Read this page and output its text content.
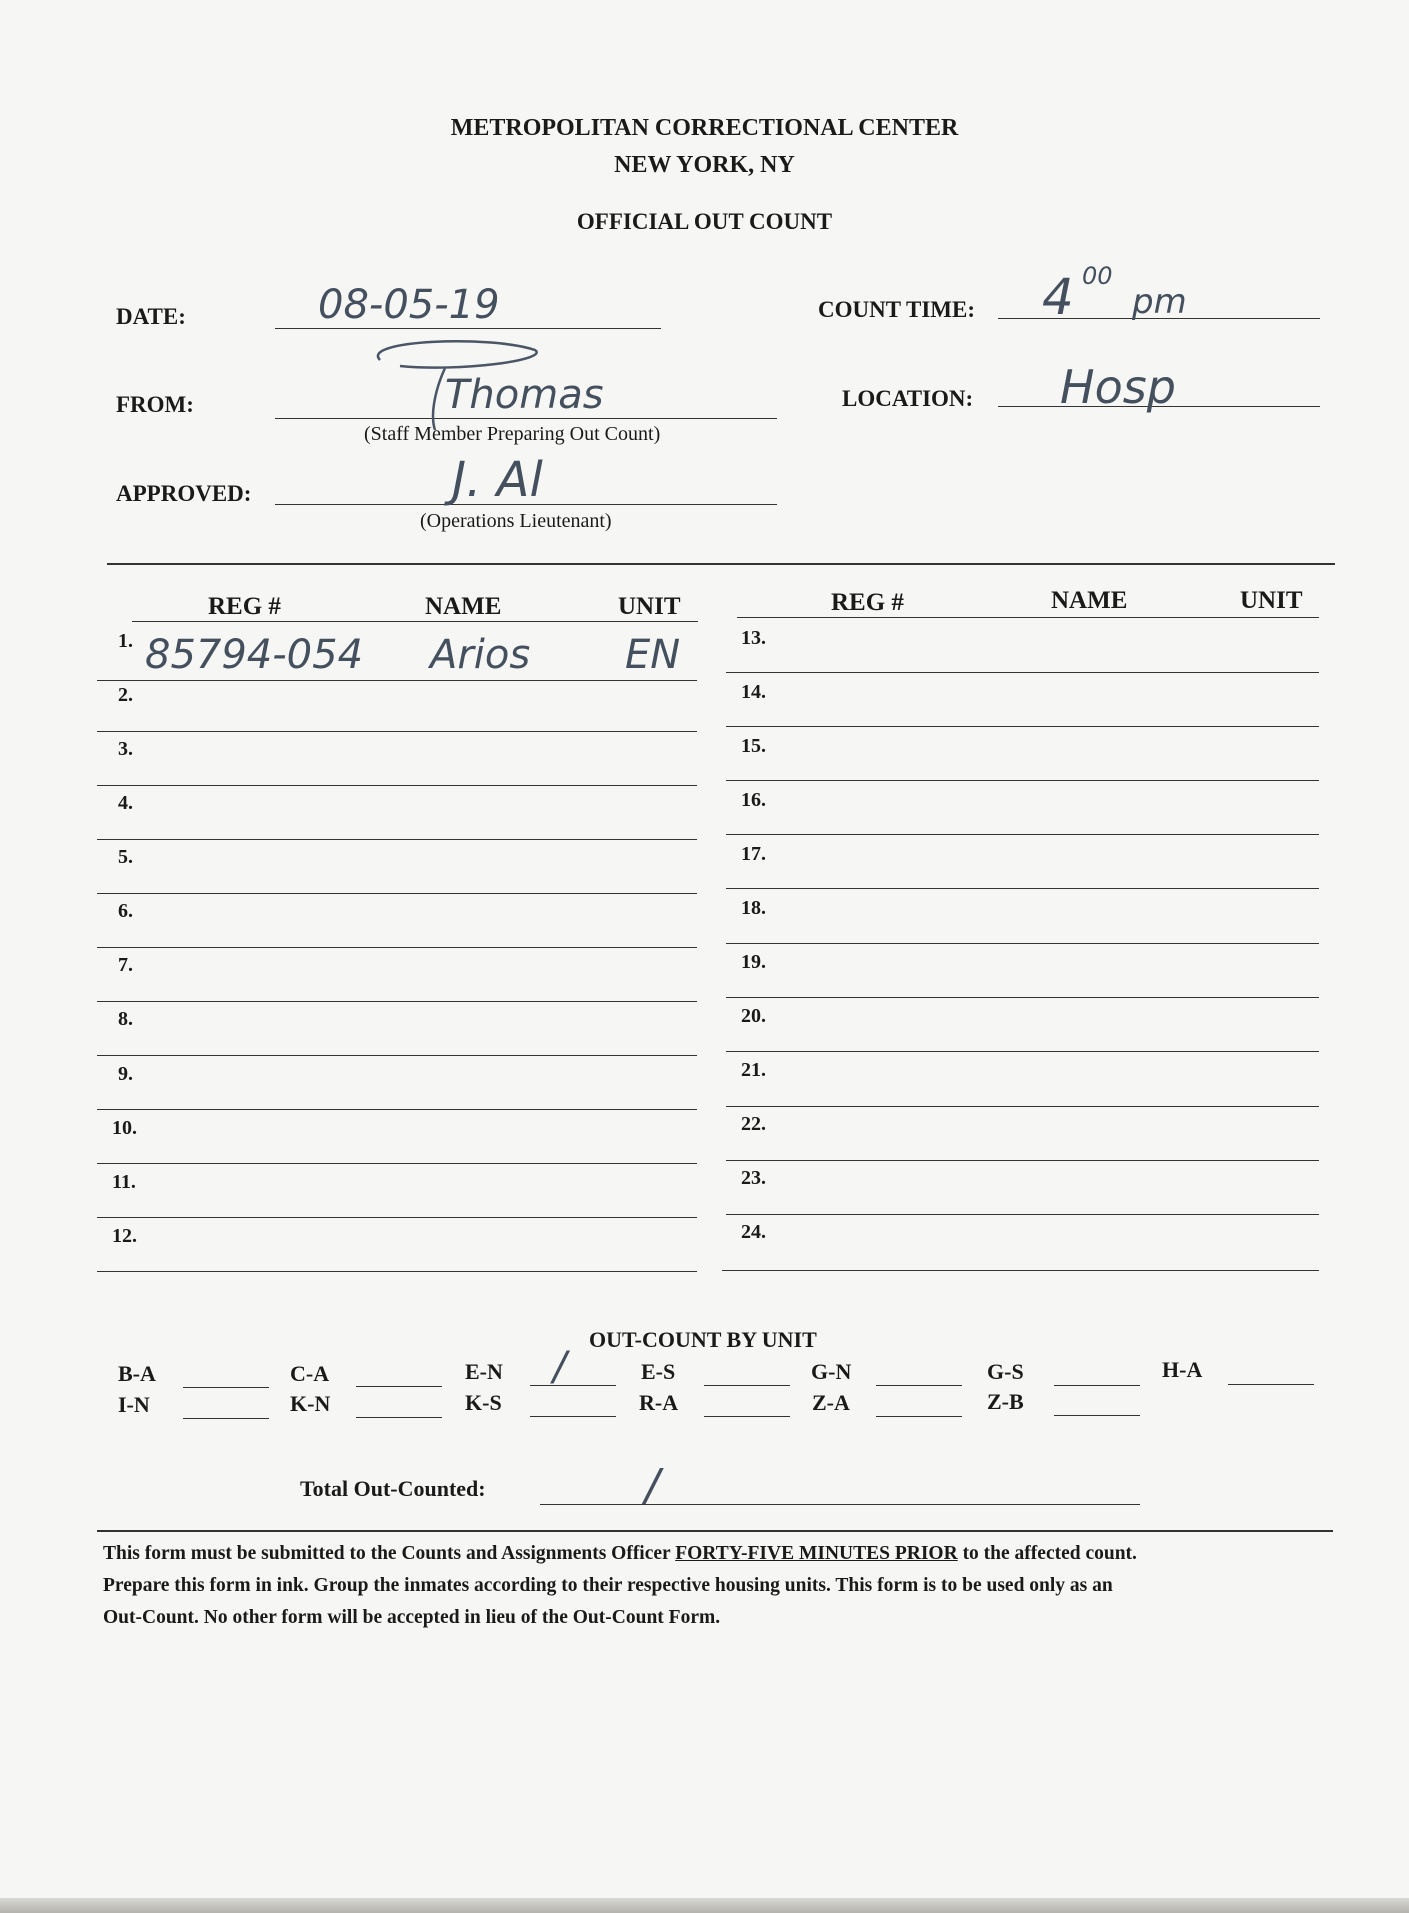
METROPOLITAN CORRECTIONAL CENTER
NEW YORK, NY
OFFICIAL OUT COUNT
DATE:	08-05-19	COUNT TIME: 4 00
pm
FROM:	Thomas
(Staff Member Preparing Out Count)
LOCATION: Hosp
APPROVED:	J. Al
(Operations Lieutenant)
REG #	NAME	UNIT	REG #	NAME	UNIT
1. 85794-054 Arios EN
2.
3.
4.
5.
6.
7.
8.
9.
10.
11.
12.
13.
14.
15.
16.
17.
18.
19.
20.
21.
22.
23.
24.
OUT-COUNT BY UNIT
B-A	C-A	E-N /	E-S	G-N	G-S	H-A
I-N	K-N	K-S	R-A	Z-A	Z-B
Total Out-Counted:	/
This form must be submitted to the Counts and Assignments Officer FORTY-FIVE MINUTES PRIOR to the affected count.
Prepare this form in ink. Group the inmates according to their respective housing units. This form is to be used only as an
Out-Count. No other form will be accepted in lieu of the Out-Count Form.
